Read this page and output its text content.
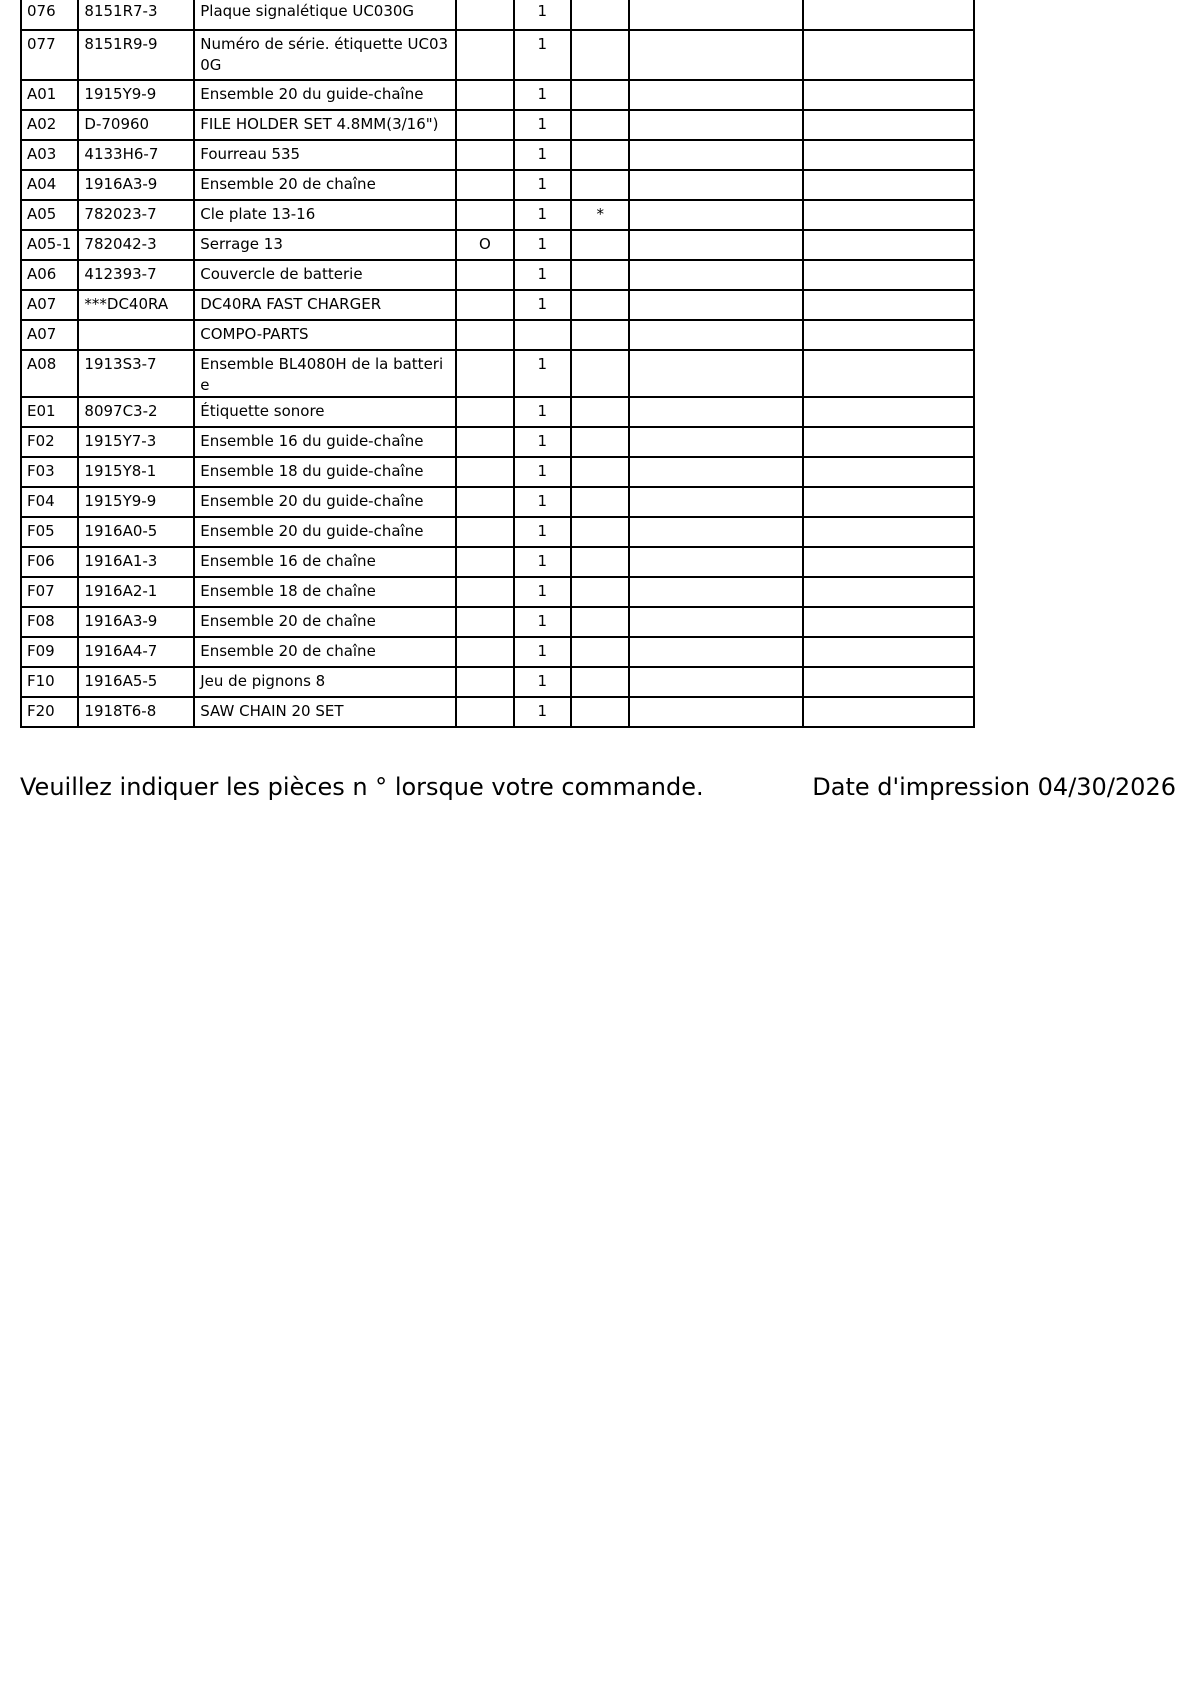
076	8151R7-3	Plaque signalétique UC030G		1			
077	8151R9-9	Numéro de série. étiquette UC030G		1			
A01	1915Y9-9	Ensemble 20 du guide-chaîne		1			
A02	D-70960	FILE HOLDER SET 4.8MM(3/16")		1			
A03	4133H6-7	Fourreau 535		1			
A04	1916A3-9	Ensemble 20 de chaîne		1			
A05	782023-7	Cle plate 13-16		1	*		
A05-1	782042-3	Serrage 13	O	1			
A06	412393-7	Couvercle de batterie		1			
A07	***DC40RA	DC40RA FAST CHARGER		1			
A07		COMPO-PARTS					
A08	1913S3-7	Ensemble BL4080H de la batterie		1			
E01	8097C3-2	Étiquette sonore		1			
F02	1915Y7-3	Ensemble 16 du guide-chaîne		1			
F03	1915Y8-1	Ensemble 18 du guide-chaîne		1			
F04	1915Y9-9	Ensemble 20 du guide-chaîne		1			
F05	1916A0-5	Ensemble 20 du guide-chaîne		1			
F06	1916A1-3	Ensemble 16 de chaîne		1			
F07	1916A2-1	Ensemble 18 de chaîne		1			
F08	1916A3-9	Ensemble 20 de chaîne		1			
F09	1916A4-7	Ensemble 20 de chaîne		1			
F10	1916A5-5	Jeu de pignons 8		1			
F20	1918T6-8	SAW CHAIN 20 SET		1			
Veuillez indiquer les pièces n ° lorsque votre commande.	Date d'impression 04/30/2026
